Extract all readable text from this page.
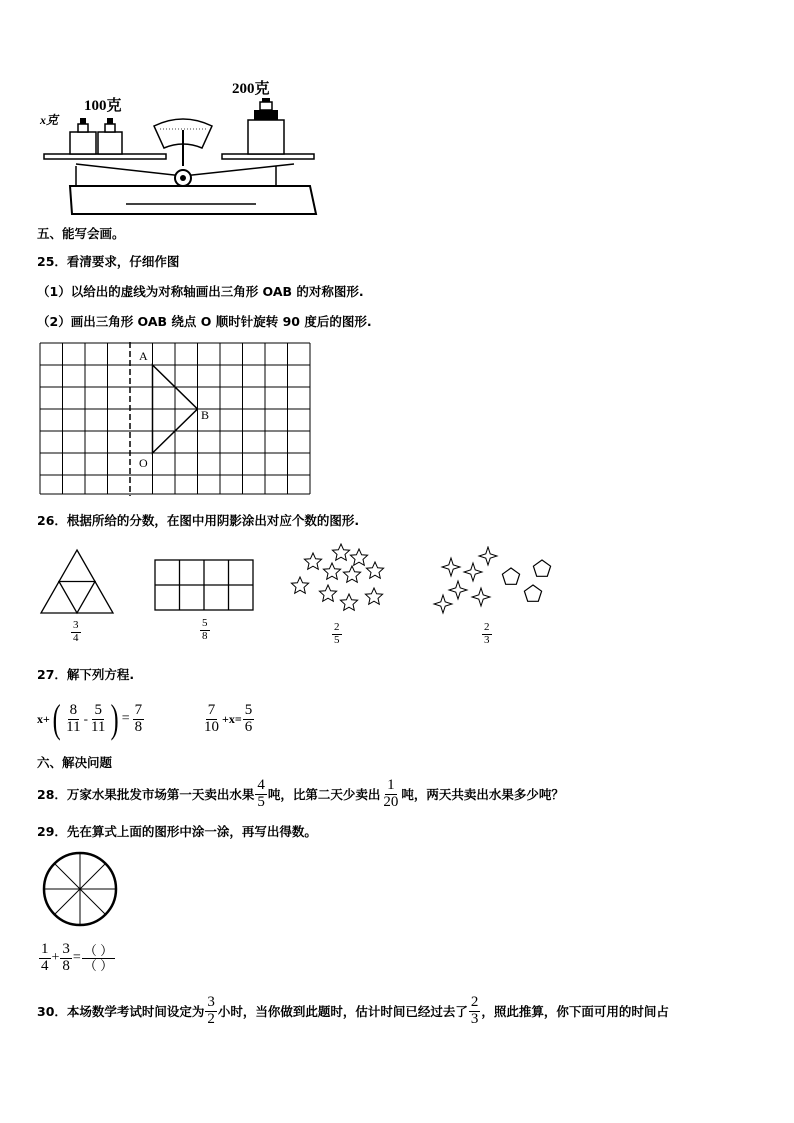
x克
100克
200克
五、能写会画。
25．看清要求，仔细作图
（1）以给出的虚线为对称轴画出三角形 OAB 的对称图形.
（2）画出三角形 OAB 绕点 O 顺时针旋转 90 度后的图形.
A
B
O
26．根据所给的分数，在图中用阴影涂出对应个数的图形.
$\frac{3}{4}$	$\frac{5}{8}$	$\frac{2}{5}$	$\frac{2}{3}$
27．解下列方程.
x+ ( $\frac{8}{11} - \frac{5}{11}$ ) = $\frac{7}{8}$	$\frac{7}{10} +x= \frac{5}{6}$
六、解决问题
28．万家水果批发市场第一天卖出水果 $\frac{4}{5}$ 吨，比第二天少卖出 $\frac{1}{20}$ 吨，两天共卖出水果多少吨？
29．先在算式上面的图形中涂一涂，再写出得数。
$\frac{1}{4} + \frac{3}{8} = \frac{( )}{( )}$
30．本场数学考试时间设定为 $\frac{3}{2}$ 小时，当你做到此题时，估计时间已经过去了 $\frac{2}{3}$ ，照此推算，你下面可用的时间占
